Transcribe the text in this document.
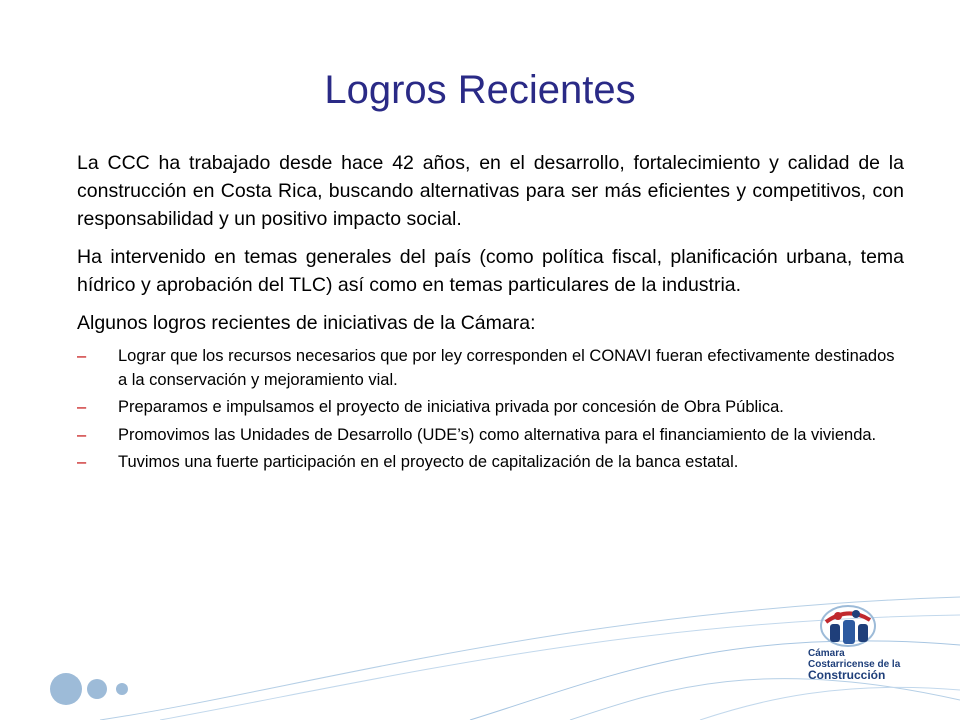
Logros Recientes

La CCC ha trabajado desde hace 42 años, en el desarrollo, fortalecimiento y calidad de la construcción en Costa Rica, buscando alternativas para ser más eficientes y competitivos, con responsabilidad y un positivo impacto social.

Ha intervenido en temas generales del país (como política fiscal, planificación urbana, tema hídrico y aprobación del TLC) así como en temas particulares de la industria.

Algunos logros recientes de iniciativas de la Cámara:

–	Lograr que los recursos necesarios que por ley corresponden el CONAVI fueran efectivamente destinados a la conservación y mejoramiento vial.
–	Preparamos e impulsamos el proyecto de iniciativa privada por concesión de Obra Pública.
–	Promovimos las Unidades de Desarrollo (UDE’s) como alternativa para el financiamiento de la vivienda.
–	Tuvimos una fuerte participación en el proyecto de capitalización de la banca estatal.
Cámara
Costarricense de la
Construcción
